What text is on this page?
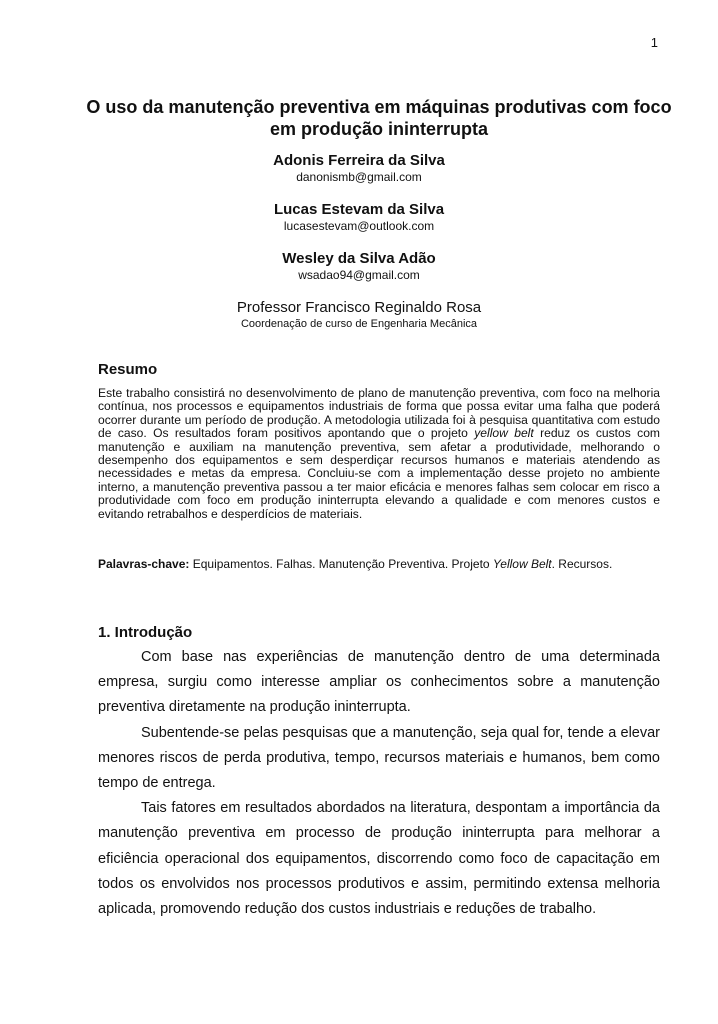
1

O uso da manutenção preventiva em máquinas produtivas com foco em produção ininterrupta

Adonis Ferreira da Silva

danonismb@gmail.com

Lucas Estevam da Silva

lucasestevam@outlook.com

Wesley da Silva Adão

wsadao94@gmail.com

Professor Francisco Reginaldo Rosa

Coordenação de curso de Engenharia Mecânica

Resumo

Este trabalho consistirá no desenvolvimento de plano de manutenção preventiva, com foco na melhoria contínua, nos processos e equipamentos industriais de forma que possa evitar uma falha que poderá ocorrer durante um período de produção. A metodologia utilizada foi à pesquisa quantitativa com estudo de caso. Os resultados foram positivos apontando que o projeto yellow belt reduz os custos com manutenção e auxiliam na manutenção preventiva, sem afetar a produtividade, melhorando o desempenho dos equipamentos e sem desperdiçar recursos humanos e materiais atendendo as necessidades e metas da empresa. Concluiu-se com a implementação desse projeto no ambiente interno, a manutenção preventiva passou a ter maior eficácia e menores falhas sem colocar em risco a produtividade com foco em produção ininterrupta elevando a qualidade e com menores custos e evitando retrabalhos e desperdícios de materiais.

Palavras-chave: Equipamentos. Falhas. Manutenção Preventiva. Projeto Yellow Belt. Recursos.

1. Introdução

Com base nas experiências de manutenção dentro de uma determinada empresa, surgiu como interesse ampliar os conhecimentos sobre a manutenção preventiva diretamente na produção ininterrupta.

Subentende-se pelas pesquisas que a manutenção, seja qual for, tende a elevar menores riscos de perda produtiva, tempo, recursos materiais e humanos, bem como tempo de entrega.

Tais fatores em resultados abordados na literatura, despontam a importância da manutenção preventiva em processo de produção ininterrupta para melhorar a eficiência operacional dos equipamentos, discorrendo como foco de capacitação em todos os envolvidos nos processos produtivos e assim, permitindo extensa melhoria aplicada, promovendo redução dos custos industriais e reduções de trabalho.
